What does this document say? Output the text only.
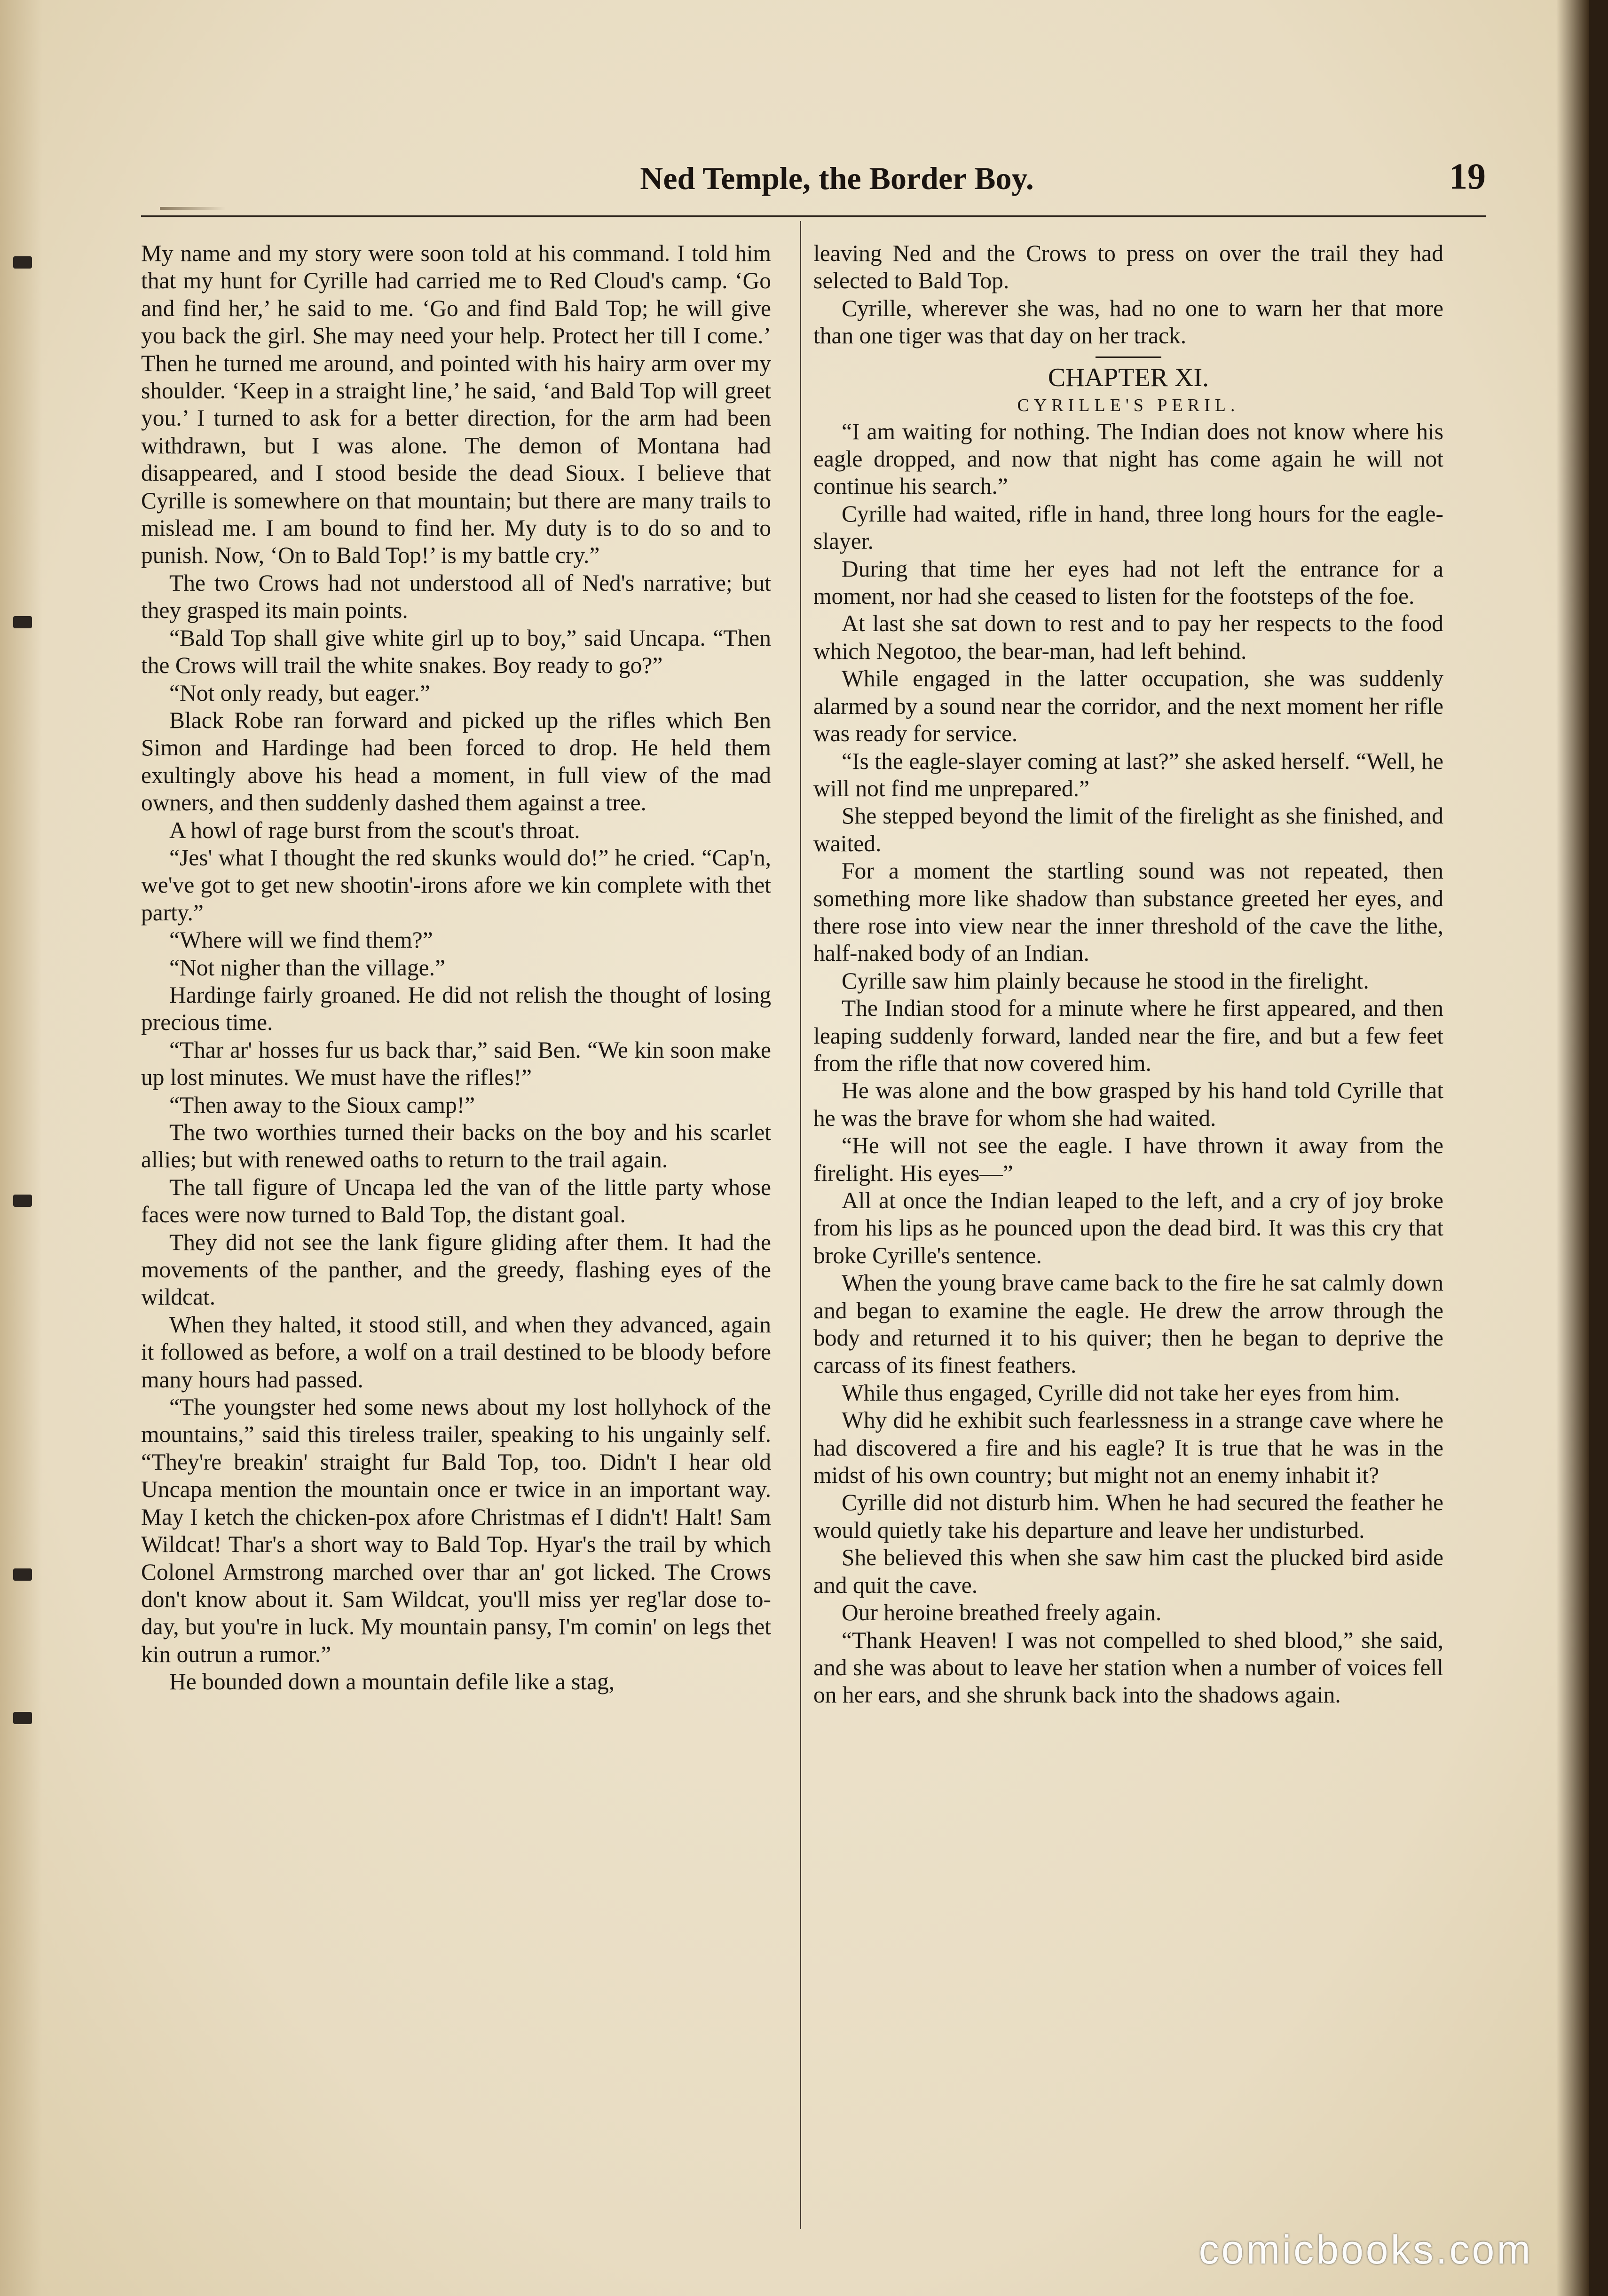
Ned Temple, the Border Boy.	19

My name and my story were soon told at his command. I told him that my hunt for Cyrille had carried me to Red Cloud's camp. ‘Go and find her,’ he said to me. ‘Go and find Bald Top; he will give you back the girl. She may need your help. Protect her till I come.’ Then he turned me around, and pointed with his hairy arm over my shoulder. ‘Keep in a straight line,’ he said, ‘and Bald Top will greet you.’ I turned to ask for a better direction, for the arm had been withdrawn, but I was alone. The demon of Montana had disappeared, and I stood beside the dead Sioux. I believe that Cyrille is somewhere on that mountain; but there are many trails to mislead me. I am bound to find her. My duty is to do so and to punish. Now, ‘On to Bald Top!’ is my battle cry.”

The two Crows had not understood all of Ned's narrative; but they grasped its main points.

“Bald Top shall give white girl up to boy,” said Uncapa. “Then the Crows will trail the white snakes. Boy ready to go?”

“Not only ready, but eager.”

Black Robe ran forward and picked up the rifles which Ben Simon and Hardinge had been forced to drop. He held them exultingly above his head a moment, in full view of the mad owners, and then suddenly dashed them against a tree.

A howl of rage burst from the scout's throat.

“Jes' what I thought the red skunks would do!” he cried. “Cap'n, we've got to get new shootin'-irons afore we kin complete with thet party.”

“Where will we find them?”

“Not nigher than the village.”

Hardinge fairly groaned. He did not relish the thought of losing precious time.

“Thar ar' hosses fur us back thar,” said Ben. “We kin soon make up lost minutes. We must have the rifles!”

“Then away to the Sioux camp!”

The two worthies turned their backs on the boy and his scarlet allies; but with renewed oaths to return to the trail again.

The tall figure of Uncapa led the van of the little party whose faces were now turned to Bald Top, the distant goal.

They did not see the lank figure gliding after them. It had the movements of the panther, and the greedy, flashing eyes of the wildcat.

When they halted, it stood still, and when they advanced, again it followed as before, a wolf on a trail destined to be bloody before many hours had passed.

“The youngster hed some news about my lost hollyhock of the mountains,” said this tireless trailer, speaking to his ungainly self. “They're breakin' straight fur Bald Top, too. Didn't I hear old Uncapa mention the mountain once er twice in an important way. May I ketch the chicken-pox afore Christmas ef I didn't! Halt! Sam Wildcat! Thar's a short way to Bald Top. Hyar's the trail by which Colonel Armstrong marched over thar an' got licked. The Crows don't know about it. Sam Wildcat, you'll miss yer reg'lar dose to-day, but you're in luck. My mountain pansy, I'm comin' on legs thet kin outrun a rumor.”

He bounded down a mountain defile like a stag,

leaving Ned and the Crows to press on over the trail they had selected to Bald Top.

Cyrille, wherever she was, had no one to warn her that more than one tiger was that day on her track.

CHAPTER XI.
CYRILLE'S PERIL.

“I am waiting for nothing. The Indian does not know where his eagle dropped, and now that night has come again he will not continue his search.”

Cyrille had waited, rifle in hand, three long hours for the eagle-slayer.

During that time her eyes had not left the entrance for a moment, nor had she ceased to listen for the footsteps of the foe.

At last she sat down to rest and to pay her respects to the food which Negotoo, the bear-man, had left behind.

While engaged in the latter occupation, she was suddenly alarmed by a sound near the corridor, and the next moment her rifle was ready for service.

“Is the eagle-slayer coming at last?” she asked herself. “Well, he will not find me unprepared.”

She stepped beyond the limit of the firelight as she finished, and waited.

For a moment the startling sound was not repeated, then something more like shadow than substance greeted her eyes, and there rose into view near the inner threshold of the cave the lithe, half-naked body of an Indian.

Cyrille saw him plainly because he stood in the firelight.

The Indian stood for a minute where he first appeared, and then leaping suddenly forward, landed near the fire, and but a few feet from the rifle that now covered him.

He was alone and the bow grasped by his hand told Cyrille that he was the brave for whom she had waited.

“He will not see the eagle. I have thrown it away from the firelight. His eyes—”

All at once the Indian leaped to the left, and a cry of joy broke from his lips as he pounced upon the dead bird. It was this cry that broke Cyrille's sentence.

When the young brave came back to the fire he sat calmly down and began to examine the eagle. He drew the arrow through the body and returned it to his quiver; then he began to deprive the carcass of its finest feathers.

While thus engaged, Cyrille did not take her eyes from him.

Why did he exhibit such fearlessness in a strange cave where he had discovered a fire and his eagle? It is true that he was in the midst of his own country; but might not an enemy inhabit it?

Cyrille did not disturb him. When he had secured the feather he would quietly take his departure and leave her undisturbed.

She believed this when she saw him cast the plucked bird aside and quit the cave.

Our heroine breathed freely again.

“Thank Heaven! I was not compelled to shed blood,” she said, and she was about to leave her station when a number of voices fell on her ears, and she shrunk back into the shadows again.

comicbooks.com
